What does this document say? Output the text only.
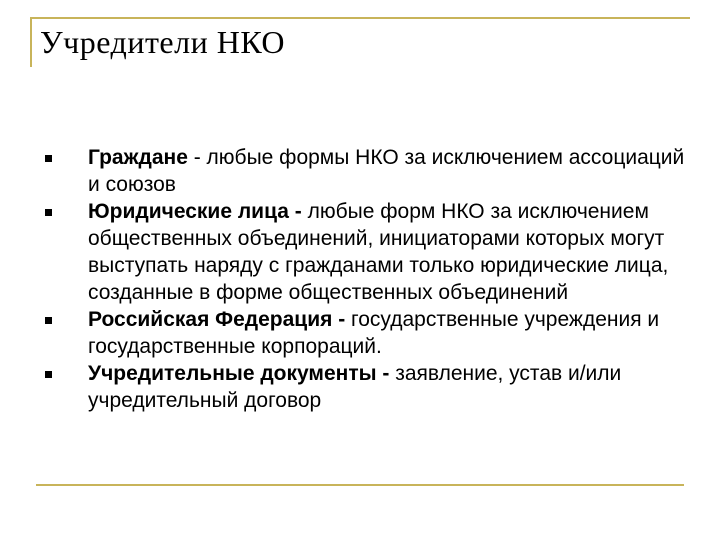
Учредители НКО
Граждане - любые формы НКО за исключением ассоциаций и союзов
Юридические лица - любые форм НКО за исключением общественных объединений, инициаторами которых могут выступать наряду с гражданами только юридические лица, созданные в форме общественных объединений
Российская Федерация - государственные учреждения и государственные корпораций.
Учредительные документы - заявление, устав и/или учредительный договор
